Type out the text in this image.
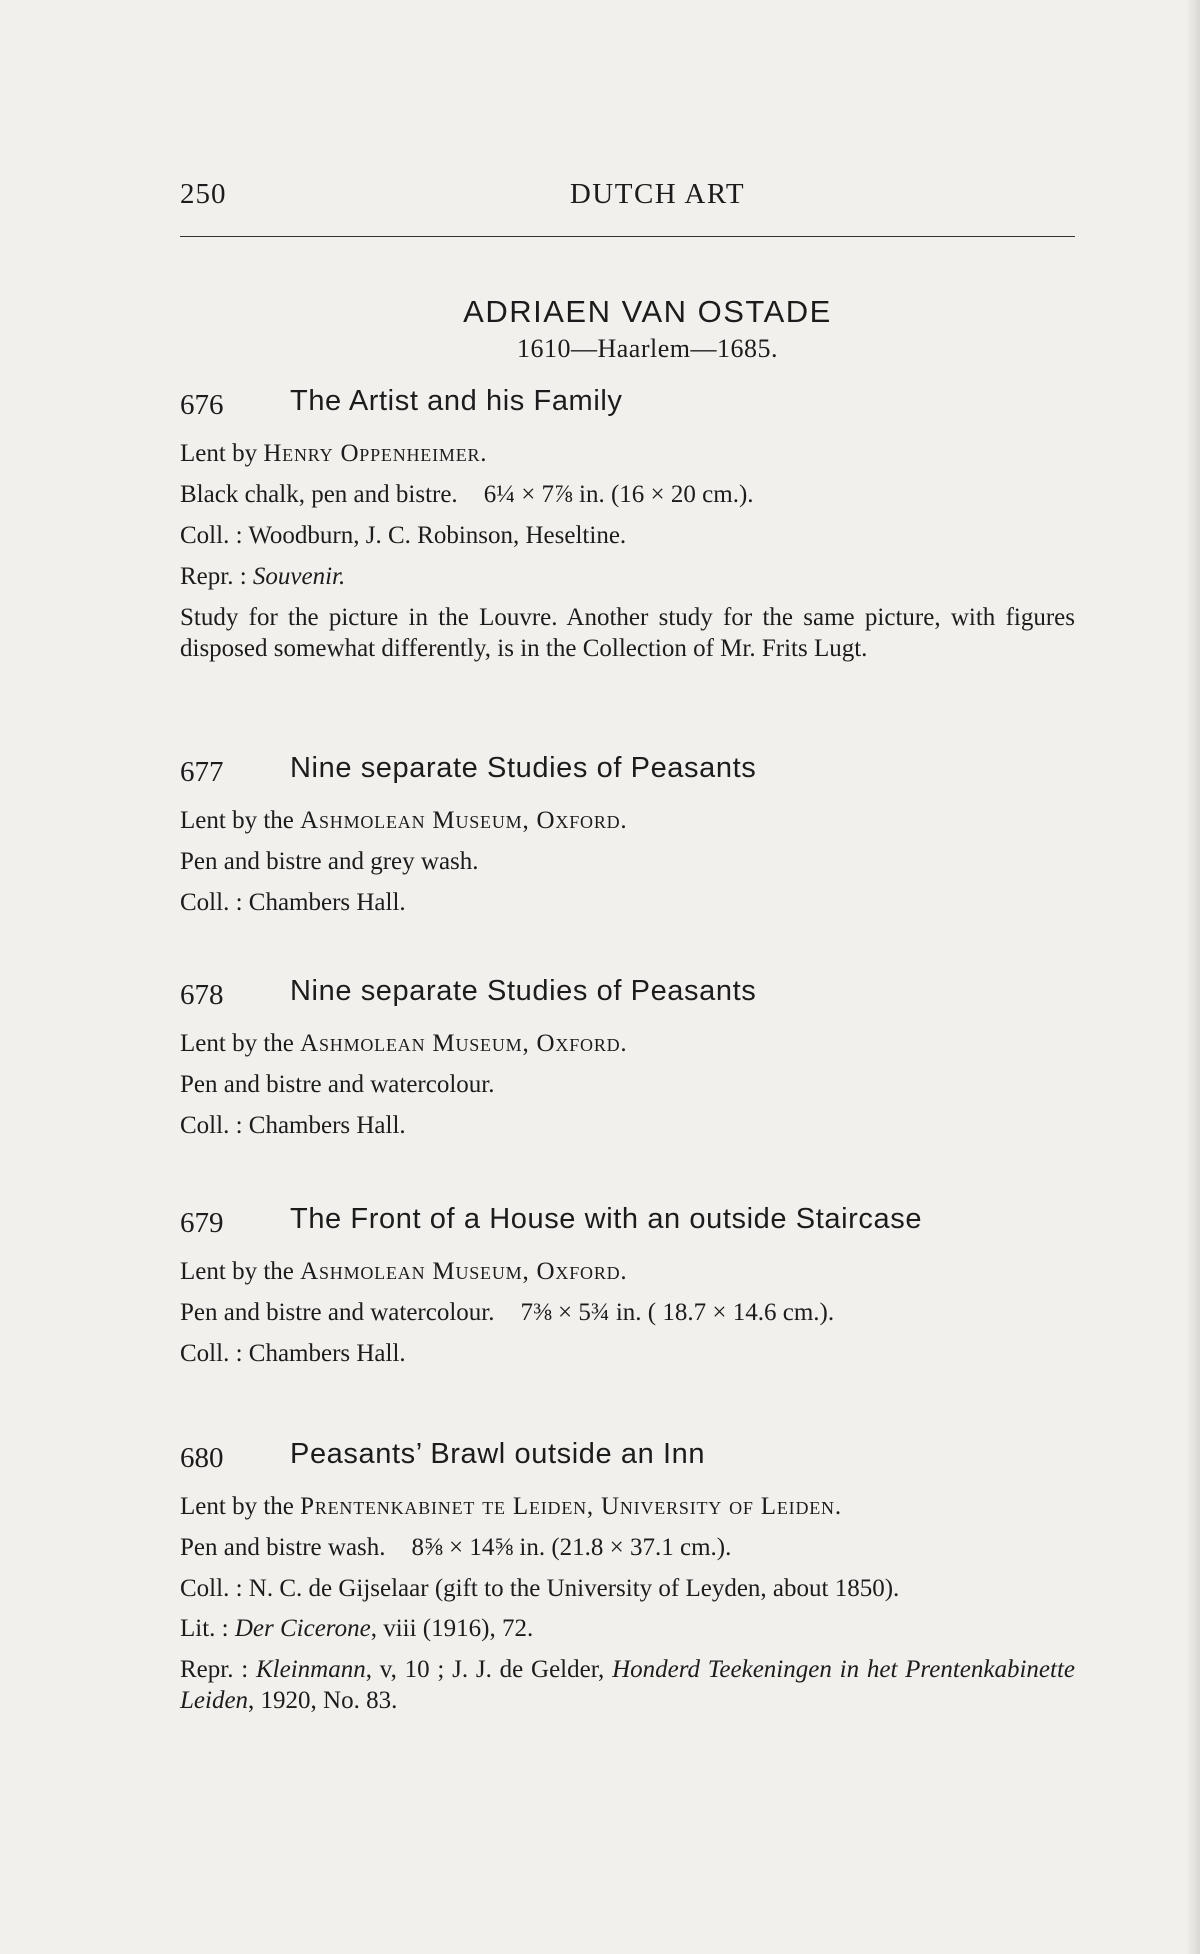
DUTCH ART
250
ADRIAEN VAN OSTADE
1610—Haarlem—1685.
676 The Artist and his Family
Lent by Henry Oppenheimer.
Black chalk, pen and bistre. 6¼ × 7⅞ in. (16 × 20 cm.).
Coll. : Woodburn, J. C. Robinson, Heseltine.
Repr. : Souvenir.
Study for the picture in the Louvre. Another study for the same picture, with figures disposed somewhat differently, is in the Collection of Mr. Frits Lugt.
677 Nine separate Studies of Peasants
Lent by the Ashmolean Museum, Oxford.
Pen and bistre and grey wash.
Coll. : Chambers Hall.
678 Nine separate Studies of Peasants
Lent by the Ashmolean Museum, Oxford.
Pen and bistre and watercolour.
Coll. : Chambers Hall.
679 The Front of a House with an outside Staircase
Lent by the Ashmolean Museum, Oxford.
Pen and bistre and watercolour. 7⅜ × 5¾ in. ( 18.7 × 14.6 cm.).
Coll. : Chambers Hall.
680 Peasants’ Brawl outside an Inn
Lent by the Prentenkabinet te Leiden, University of Leiden.
Pen and bistre wash. 8⅝ × 14⅝ in. (21.8 × 37.1 cm.).
Coll. : N. C. de Gijselaar (gift to the University of Leyden, about 1850).
Lit. : Der Cicerone, viii (1916), 72.
Repr. : Kleinmann, v, 10 ; J. J. de Gelder, Honderd Teekeningen in het Prentenkabinette Leiden, 1920, No. 83.
